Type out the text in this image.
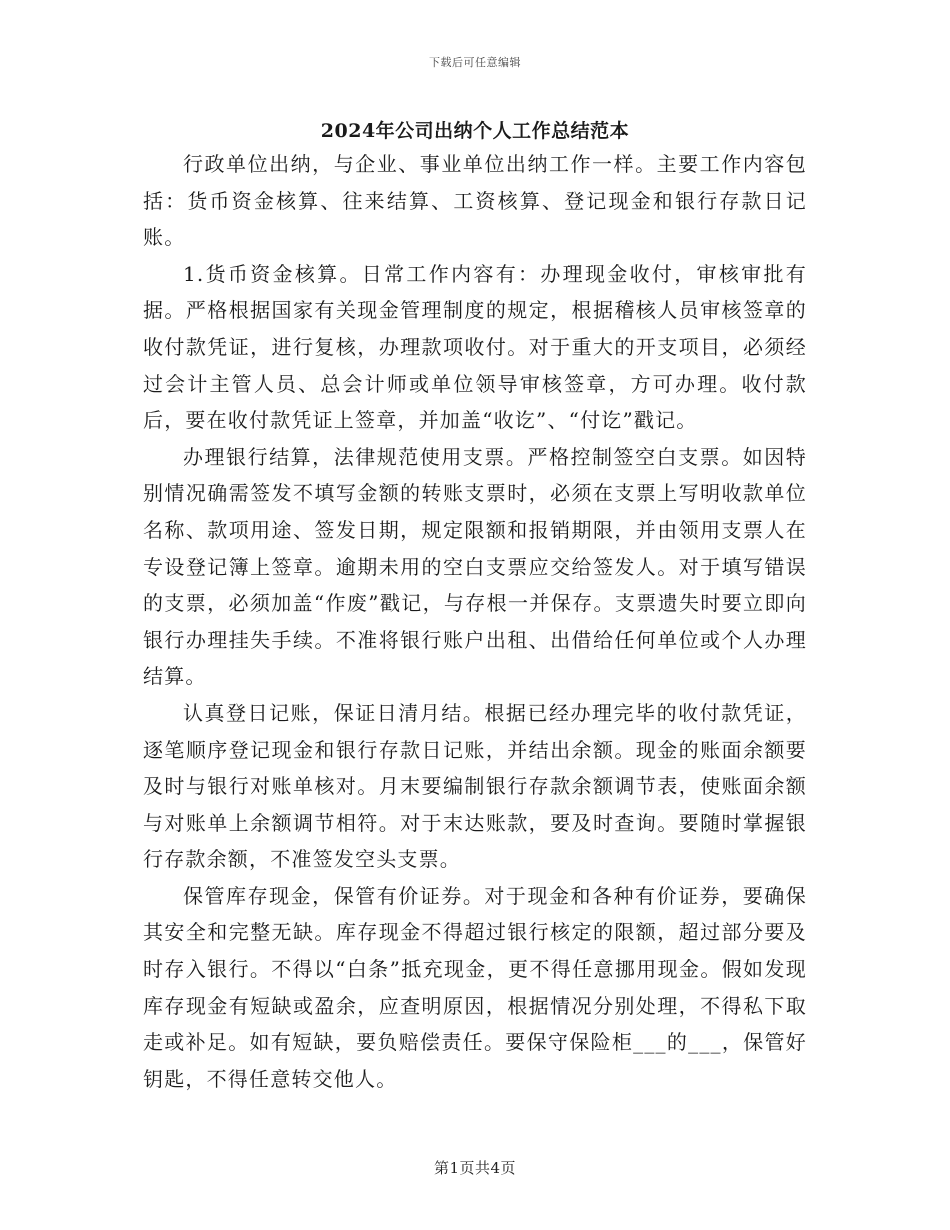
下载后可任意编辑
2024年公司出纳个人工作总结范本

行政单位出纳，与企业、事业单位出纳工作一样。主要工作内容包括：货币资金核算、往来结算、工资核算、登记现金和银行存款日记账。

1.货币资金核算。日常工作内容有：办理现金收付，审核审批有据。严格根据国家有关现金管理制度的规定，根据稽核人员审核签章的收付款凭证，进行复核，办理款项收付。对于重大的开支项目，必须经过会计主管人员、总会计师或单位领导审核签章，方可办理。收付款后，要在收付款凭证上签章，并加盖“收讫”、“付讫”戳记。

办理银行结算，法律规范使用支票。严格控制签空白支票。如因特别情况确需签发不填写金额的转账支票时，必须在支票上写明收款单位名称、款项用途、签发日期，规定限额和报销期限，并由领用支票人在专设登记簿上签章。逾期未用的空白支票应交给签发人。对于填写错误的支票，必须加盖“作废”戳记，与存根一并保存。支票遗失时要立即向银行办理挂失手续。不准将银行账户出租、出借给任何单位或个人办理结算。

认真登日记账，保证日清月结。根据已经办理完毕的收付款凭证，逐笔顺序登记现金和银行存款日记账，并结出余额。现金的账面余额要及时与银行对账单核对。月末要编制银行存款余额调节表，使账面余额与对账单上余额调节相符。对于末达账款，要及时查询。要随时掌握银行存款余额，不准签发空头支票。

保管库存现金，保管有价证券。对于现金和各种有价证券，要确保其安全和完整无缺。库存现金不得超过银行核定的限额，超过部分要及时存入银行。不得以“白条”抵充现金，更不得任意挪用现金。假如发现库存现金有短缺或盈余，应查明原因，根据情况分别处理，不得私下取走或补足。如有短缺，要负赔偿责任。要保守保险柜___的___，保管好钥匙，不得任意转交他人。

第1页共4页
